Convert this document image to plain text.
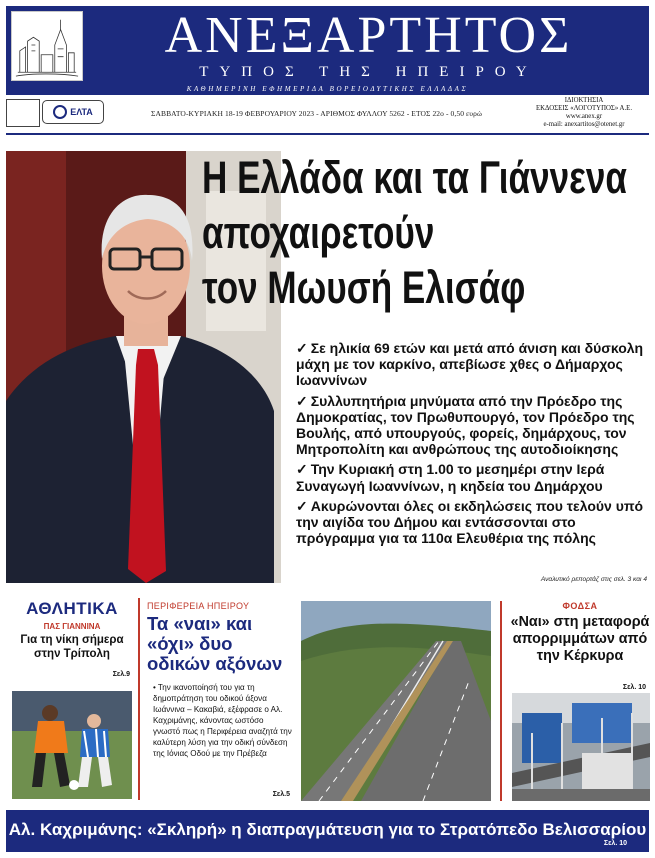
ΑΝΕΞΑΡΤΗΤΟΣ
ΤΥΠΟΣ ΤΗΣ ΗΠΕΙΡΟΥ
ΚΑΘΗΜΕΡΙΝΗ ΕΦΗΜΕΡΙΔΑ ΒΟΡΕΙΟΔΥΤΙΚΗΣ ΕΛΛΑΔΑΣ
ΕΛΤΑ	ΣΑΒΒΑΤΟ-ΚΥΡΙΑΚΗ 18-19 ΦΕΒΡΟΥΑΡΙΟΥ 2023 - ΑΡΙΘΜΟΣ ΦΥΛΛΟΥ 5262 - ΕΤΟΣ 22ο - 0,50 ευρώ
ΙΔΙΟΚΤΗΣΙΑ
ΕΚΔΟΣΕΙΣ «ΛΟΓΟΤΥΠΟΣ» Α.Ε.
www.anex.gr
e-mail: anexartitos@otenet.gr
Η Ελλάδα και τα Γιάννενα
αποχαιρετούν
τον Μωυσή Ελισάφ
✓ Σε ηλικία 69 ετών και μετά από άνιση και δύσκολη μάχη με τον καρκίνο, απεβίωσε χθες ο Δήμαρχος Ιωαννίνων
✓ Συλλυπητήρια μηνύματα από την Πρόεδρο της Δημοκρατίας, τον Πρωθυπουργό, τον Πρόεδρο της Βουλής, από υπουργούς, φορείς, δημάρχους, τον Μητροπολίτη και ανθρώπους της αυτοδιοίκησης
✓ Την Κυριακή στη 1.00 το μεσημέρι στην Ιερά Συναγωγή Ιωαννίνων, η κηδεία του Δημάρχου
✓ Ακυρώνονται όλες οι εκδηλώσεις που τελούν υπό την αιγίδα του Δήμου και εντάσσονται στο πρόγραμμα για τα 110α Ελευθέρια της πόλης
Αναλυτικό ρεπορτάζ στις σελ. 3 και 4
ΑΘΛΗΤΙΚΑ
ΠΑΣ ΓΙΑΝΝΙΝΑ
Για τη νίκη σήμερα στην Τρίπολη
Σελ.9
ΠΕΡΙΦΕΡΕΙΑ ΗΠΕΙΡΟΥ
Τα «ναι» και «όχι» δυο οδικών αξόνων
• Την ικανοποίησή του για τη δημοπράτηση του οδικού άξονα Ιωάννινα – Κακαβιά, εξέφρασε ο Αλ. Καχριμάνης, κάνοντας ωστόσο γνωστό πως η Περιφέρεια αναζητά την καλύτερη λύση για την οδική σύνδεση της Ιόνιας Οδού με την Πρέβεζα
Σελ.5
ΦΟΔΣΑ
«Ναι» στη μεταφορά απορριμμάτων από την Κέρκυρα
Σελ. 10
Αλ. Καχριμάνης: «Σκληρή» η διαπραγμάτευση για το Στρατόπεδο Βελισσαρίου
Σελ. 10
